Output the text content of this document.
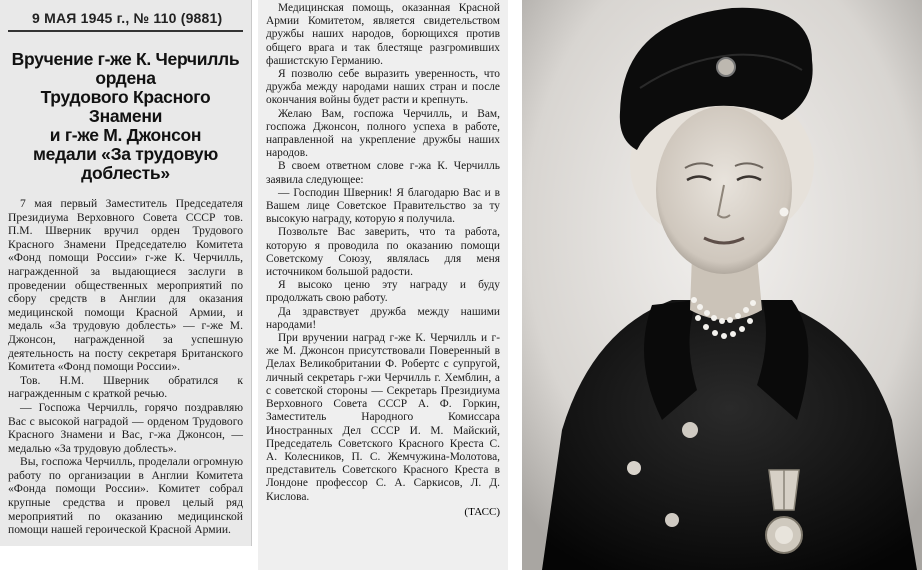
9 МАЯ 1945 г., № 110 (9881)
Вручение г-же К. Черчилль ордена
Трудового Красного Знамени
и г-же М. Джонсон
медали «За трудовую доблесть»

7 мая первый Заместитель Председателя Президиума Верховного Совета СССР тов. П.М. Шверник вручил орден Трудового Красного Знамени Председателю Комитета «Фонд помощи России» г-же К. Черчилль, награжденной за выдающиеся заслуги в проведении общественных мероприятий по сбору средств в Англии для оказания медицинской помощи Красной Армии, и медаль «За трудовую доблесть» — г-же М. Джонсон, награжденной за успешную деятельность на посту секретаря Британского Комитета «Фонд помощи России».

Тов. Н.М. Шверник обратился к награжденным с краткой речью.

— Госпожа Черчилль, горячо поздравляю Вас с высокой наградой — орденом Трудового Красного Знамени и Вас, г-жа Джонсон, — медалью «За трудовую доблесть».

Вы, госпожа Черчилль, проделали огромную работу по организации в Англии Комитета «Фонда помощи России». Комитет собрал крупные средства и провел целый ряд мероприятий по оказанию медицинской помощи нашей героической Красной Армии.

Медицинская помощь, оказанная Красной Армии Комитетом, является свидетельством дружбы наших народов, борющихся против общего врага и так блестяще разгромивших фашистскую Германию.

Я позволю себе выразить уверенность, что дружба между народами наших стран и после окончания войны будет расти и крепнуть.

Желаю Вам, госпожа Черчилль, и Вам, госпожа Джонсон, полного успеха в работе, направленной на укрепление дружбы наших народов.

В своем ответном слове г-жа К. Черчилль заявила следующее:

— Господин Шверник! Я благодарю Вас и в Вашем лице Советское Правительство за ту высокую награду, которую я получила.

Позвольте Вас заверить, что та работа, которую я проводила по оказанию помощи Советскому Союзу, являлась для меня источником большой радости.

Я высоко ценю эту награду и буду продолжать свою работу.

Да здравствует дружба между нашими народами!

При вручении наград г-же К. Черчилль и г-же М. Джонсон присутствовали Поверенный в Делах Великобритании Ф. Робертс с супругой, личный секретарь г-жи Черчилль г. Хемблин, а с советской стороны — Секретарь Президиума Верховного Совета СССР А. Ф. Горкин, Заместитель Народного Комиссара Иностранных Дел СССР И. М. Майский, Председатель Советского Красного Креста С. А. Колесников, П. С. Жемчужина-Молотова, представитель Советского Красного Креста в Лондоне профессор С. А. Саркисов, Л. Д. Кислова.

(ТАСС)
